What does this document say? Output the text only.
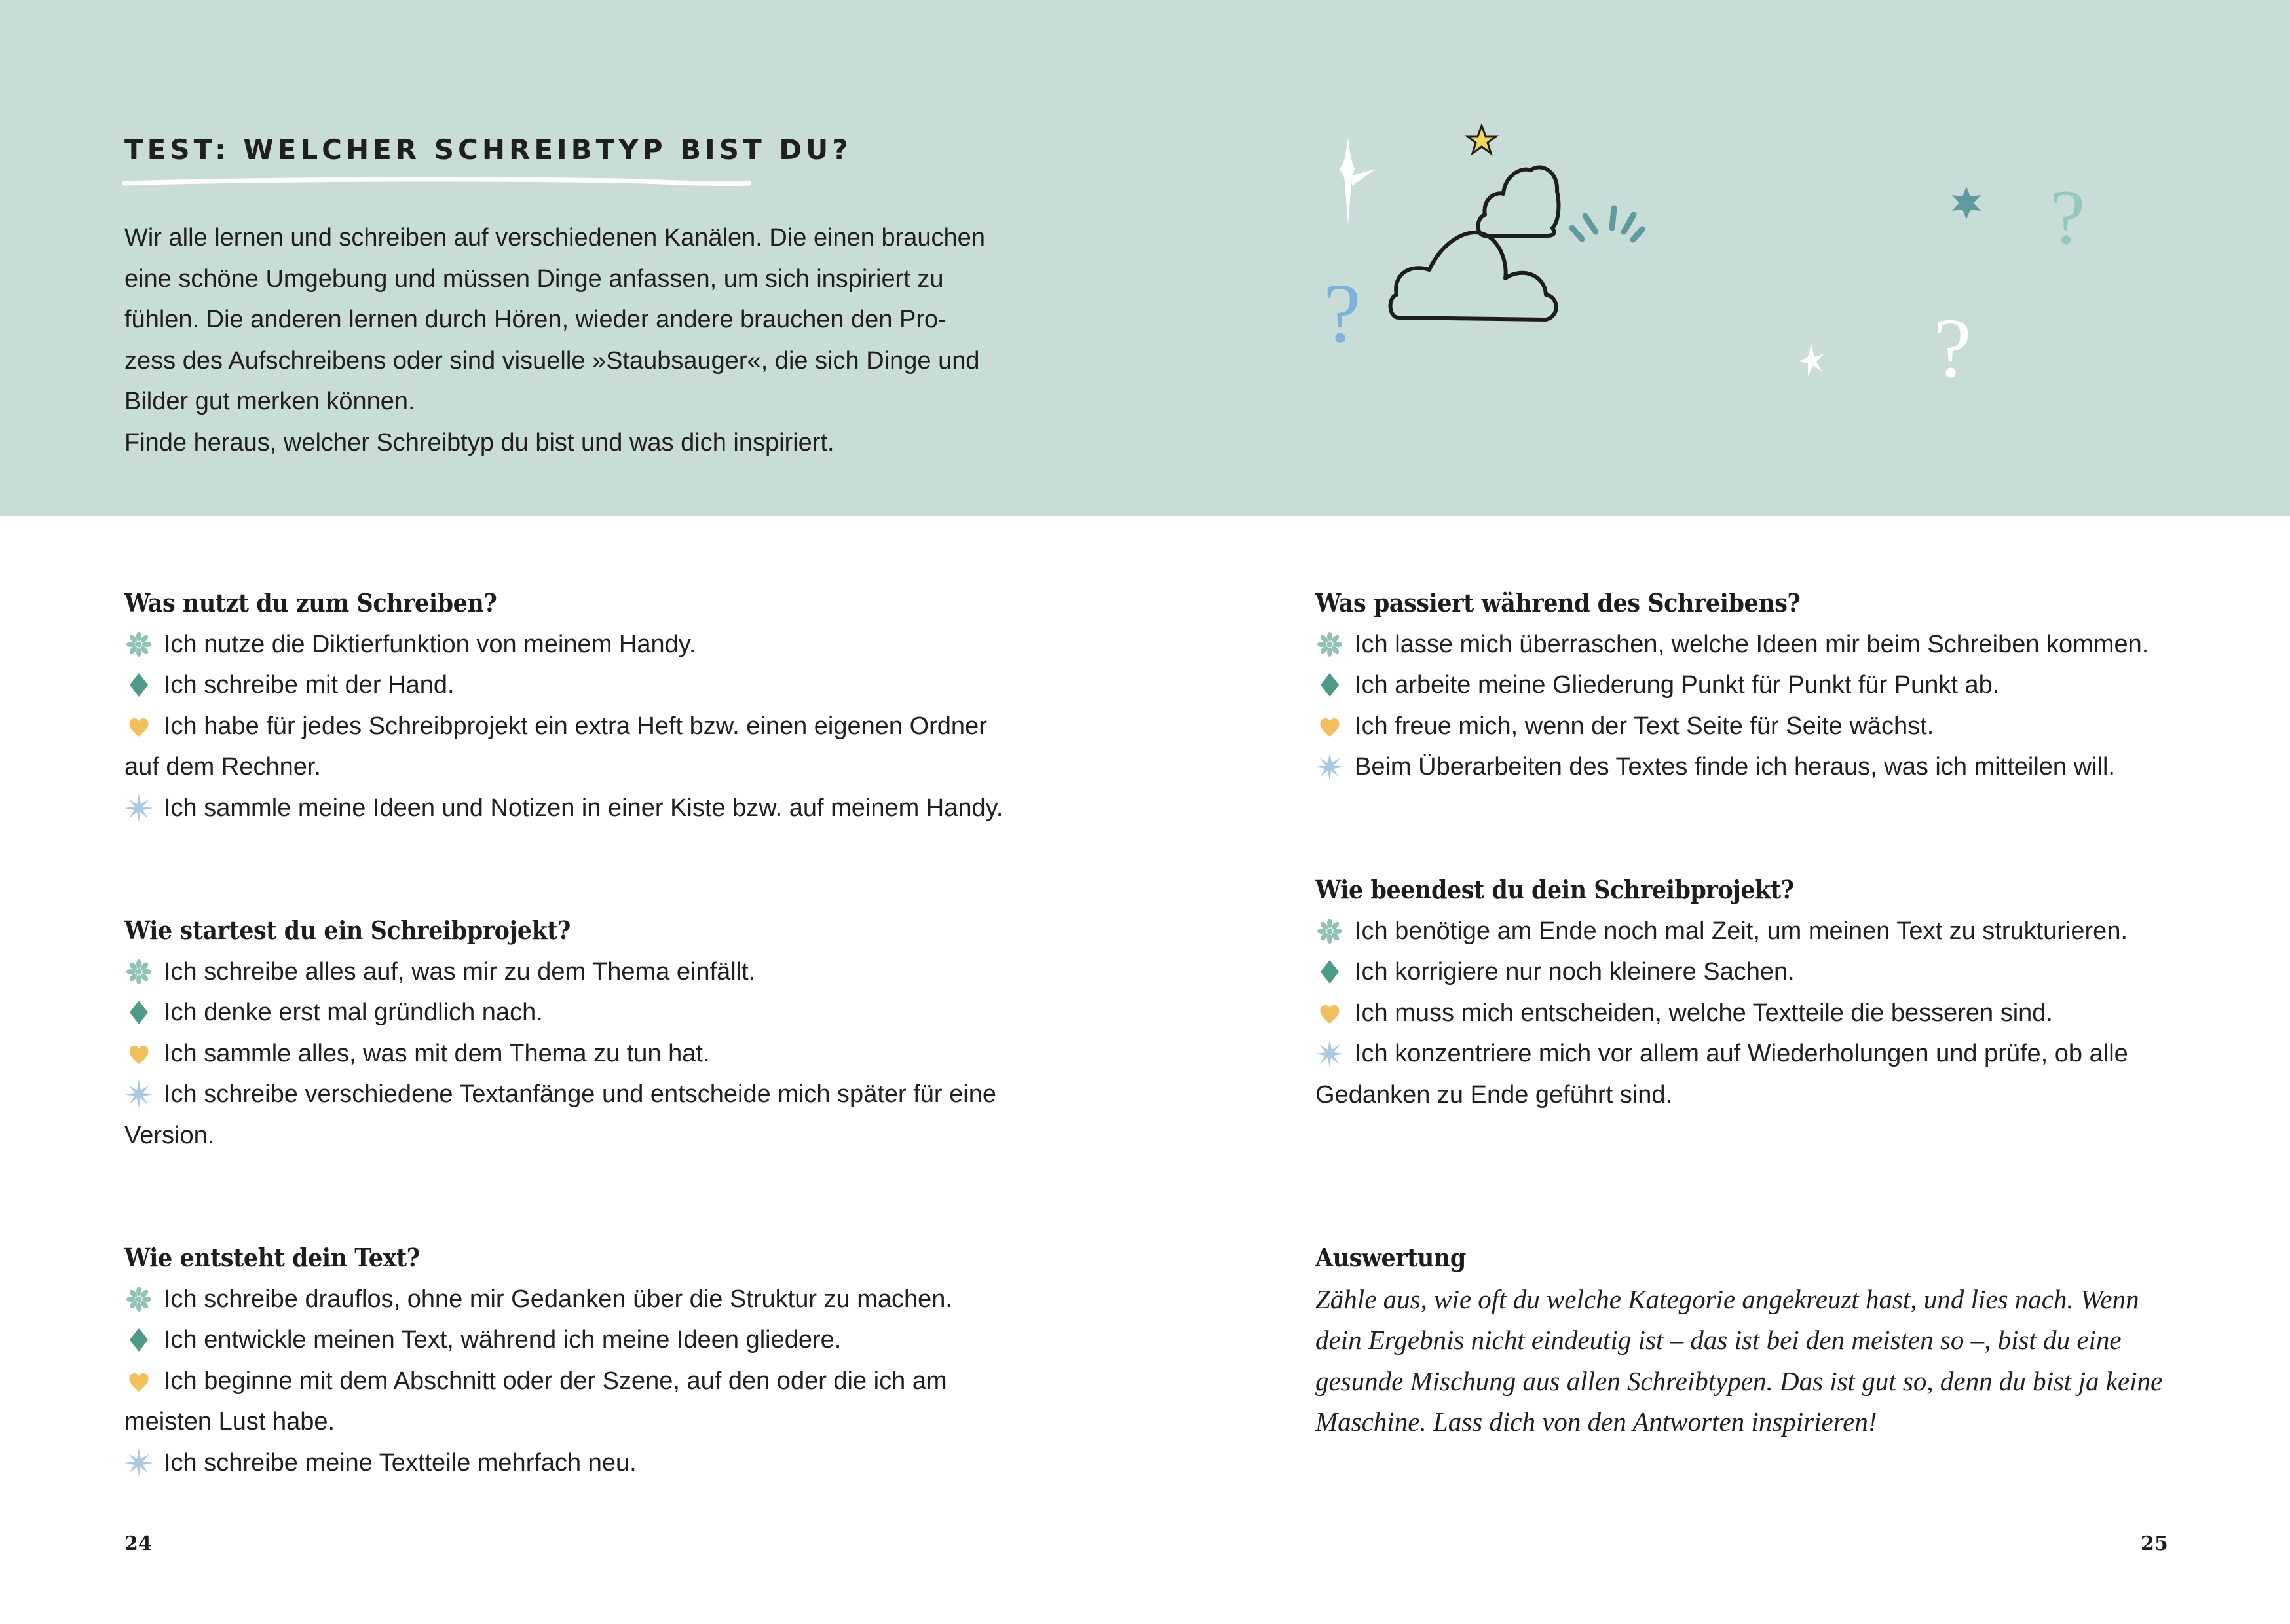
TEST: WELCHER SCHREIBTYP BIST DU?
Wir alle lernen und schreiben auf verschiedenen Kanälen. Die einen brauchen
eine schöne Umgebung und müssen Dinge anfassen, um sich inspiriert zu
fühlen. Die anderen lernen durch Hören, wieder andere brauchen den Pro-
zess des Aufschreibens oder sind visuelle »Staubsauger«, die sich Dinge und
Bilder gut merken können.
Finde heraus, welcher Schreibtyp du bist und was dich inspiriert.
?
?
?
Was nutzt du zum Schreiben?
Ich nutze die Diktierfunktion von meinem Handy.
Ich schreibe mit der Hand.
Ich habe für jedes Schreibprojekt ein extra Heft bzw. einen eigenen Ordner auf dem Rechner.
Ich sammle meine Ideen und Notizen in einer Kiste bzw. auf meinem Handy.
Wie startest du ein Schreibprojekt?
Ich schreibe alles auf, was mir zu dem Thema einfällt.
Ich denke erst mal gründlich nach.
Ich sammle alles, was mit dem Thema zu tun hat.
Ich schreibe verschiedene Textanfänge und entscheide mich später für eine Version.
Wie entsteht dein Text?
Ich schreibe drauflos, ohne mir Gedanken über die Struktur zu machen.
Ich entwickle meinen Text, während ich meine Ideen gliedere.
Ich beginne mit dem Abschnitt oder der Szene, auf den oder die ich am meisten Lust habe.
Ich schreibe meine Textteile mehrfach neu.
24
Was passiert während des Schreibens?
Ich lasse mich überraschen, welche Ideen mir beim Schreiben kommen.
Ich arbeite meine Gliederung Punkt für Punkt für Punkt ab.
Ich freue mich, wenn der Text Seite für Seite wächst.
Beim Überarbeiten des Textes finde ich heraus, was ich mitteilen will.
Wie beendest du dein Schreibprojekt?
Ich benötige am Ende noch mal Zeit, um meinen Text zu strukturieren.
Ich korrigiere nur noch kleinere Sachen.
Ich muss mich entscheiden, welche Textteile die besseren sind.
Ich konzentriere mich vor allem auf Wiederholungen und prüfe, ob alle Gedanken zu Ende geführt sind.
Auswertung

Zähle aus, wie oft du welche Kategorie angekreuzt hast, und lies nach. Wenn dein Ergebnis nicht eindeutig ist – das ist bei den meisten so –, bist du eine gesunde Mischung aus allen Schreibtypen. Das ist gut so, denn du bist ja keine Maschine. Lass dich von den Antworten inspirieren!

25
